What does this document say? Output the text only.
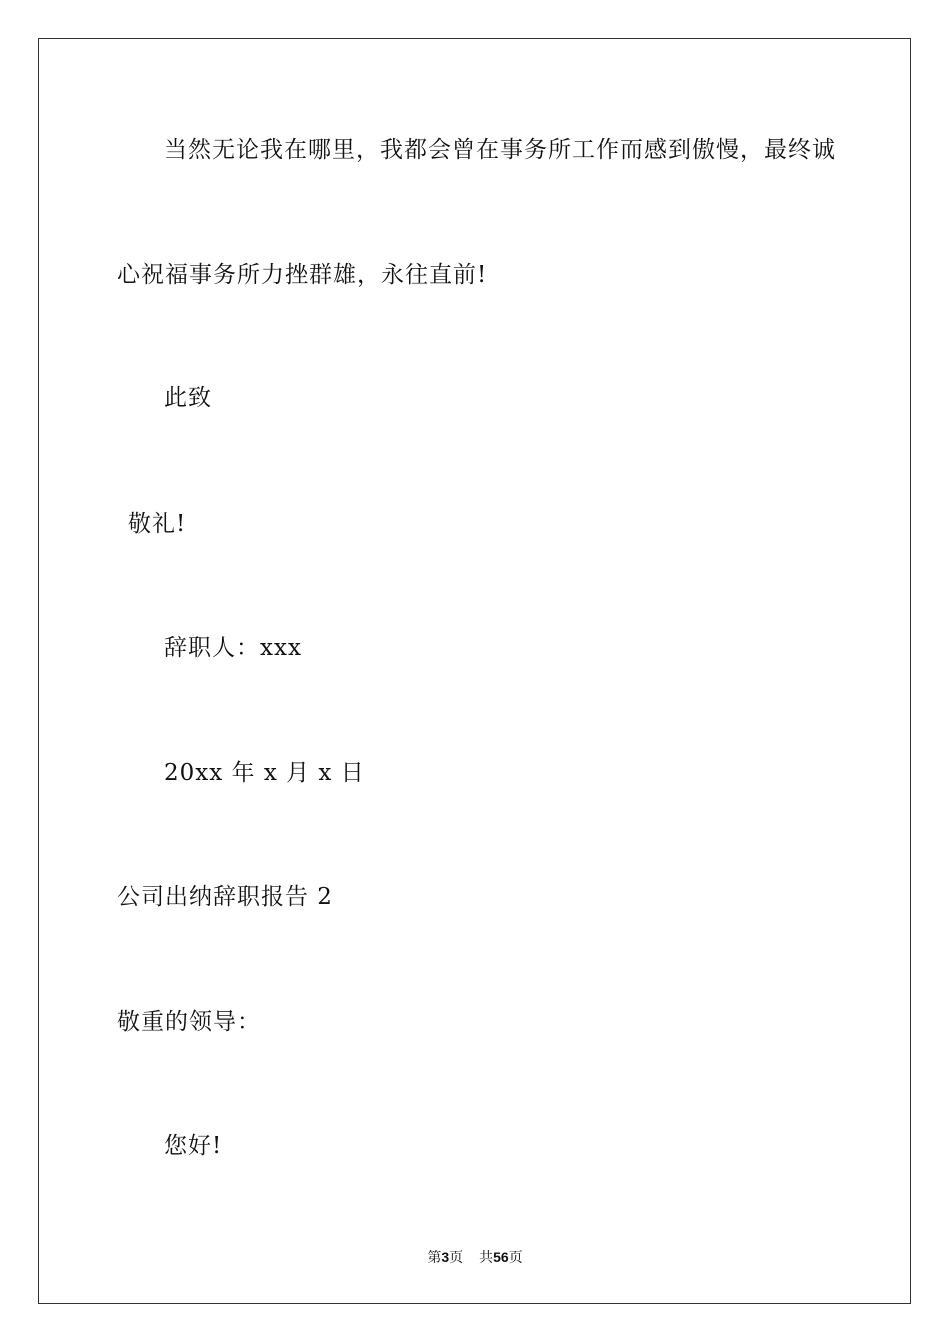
当然无论我在哪里，我都会曾在事务所工作而感到傲慢，最终诚
心祝福事务所力挫群雄，永往直前!
此致
敬礼!
辞职人：xxx
20xx 年 x 月 x 日
公司出纳辞职报告 2
敬重的领导：
您好!
第3页 共56页
